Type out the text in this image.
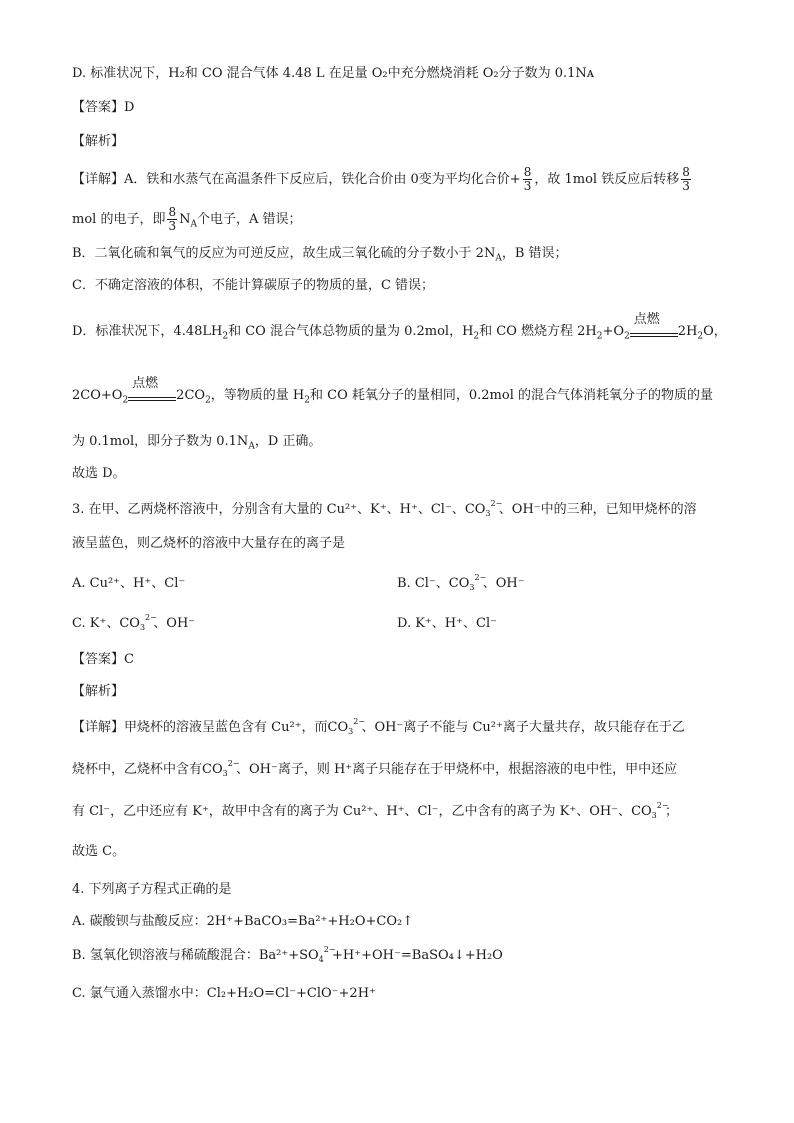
D. 标准状况下，H₂和 CO 混合气体 4.48 L 在足量 O₂中充分燃烧消耗 O₂分子数为 0.1Nᴀ
【答案】D
【解析】
【详解】A．铁和水蒸气在高温条件下反应后，铁化合价由 0变为平均化合价+ $\frac{8}{3}$ ，故 1mol 铁反应后转移 $\frac{8}{3}$
mol 的电子，即 $\frac{8}{3} N_A$个电子，A 错误；
B．二氧化硫和氧气的反应为可逆反应，故生成三氧化硫的分子数小于 $2N_A$，B 错误；
C．不确定溶液的体积，不能计算碳原子的物质的量，C 错误；
D．标准状况下，$4.48LH_2$和 CO 混合气体总物质的量为 0.2mol，$H_2$和 CO 燃烧方程 $2H_2+O_2$
点燃
$2H_2O$，
$2CO+O_2$
点燃
$2CO_2$，等物质的量 $H_2$和 CO 耗氧分子的量相同，0.2mol 的混合气体消耗氧分子的物质的量
为 0.1mol，即分子数为 $0.1N_A$，D 正确。
故选 D。
3. 在甲、乙两烧杯溶液中，分别含有大量的 Cu²⁺、K⁺、H⁺、Cl⁻、$CO_3$
2−
、OH⁻中的三种，已知甲烧杯的溶
液呈蓝色，则乙烧杯的溶液中大量存在的离子是
A. Cu²⁺、H⁺、Cl⁻	B. Cl⁻、$CO_3$
2−
、OH⁻
C. K⁺、$CO_3$
2−
、OH⁻	D. K⁺、H⁺、Cl⁻
【答案】C
【解析】
【详解】甲烧杯的溶液呈蓝色含有 Cu²⁺，而$CO_3$
2−
、OH⁻离子不能与 Cu²⁺离子大量共存，故只能存在于乙
烧杯中，乙烧杯中含有$CO_3$
2−
、OH⁻离子，则 H⁺离子只能存在于甲烧杯中，根据溶液的电中性，甲中还应
有 Cl⁻，乙中还应有 K⁺，故甲中含有的离子为 Cu²⁺、H⁺、Cl⁻，乙中含有的离子为 K⁺、OH⁻、$CO_3$
2−
；
故选 C。
4. 下列离子方程式正确的是
A. 碳酸钡与盐酸反应：2H⁺+BaCO₃=Ba²⁺+H₂O+CO₂↑
B. 氢氧化钡溶液与稀硫酸混合：$Ba^{2+}+SO_4$
2−
+H⁺+OH⁻=BaSO₄↓+H₂O
C. 氯气通入蒸馏水中：Cl₂+H₂O=Cl⁻+ClO⁻+2H⁺
